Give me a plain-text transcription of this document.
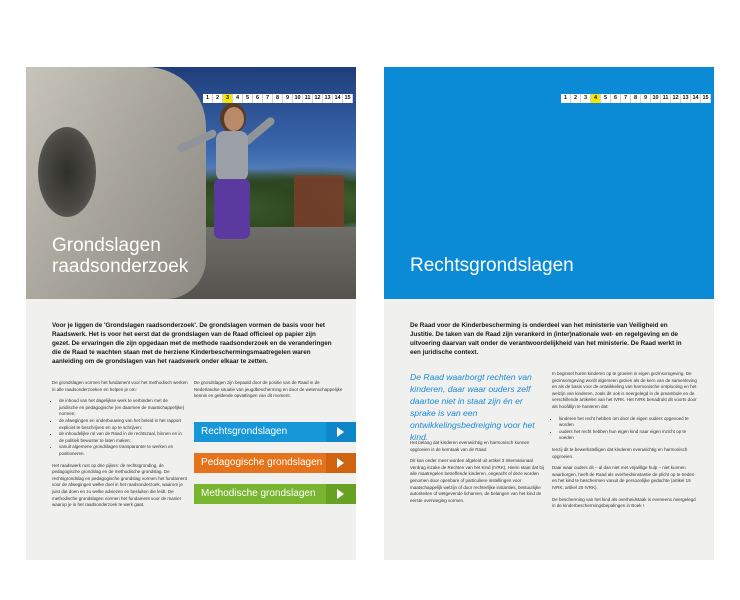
1	2	3	4	5	6	7	8	9 10 11 12 13 14 15
Grondslagen
raadsonderzoek
Voor je liggen de 'Grondslagen raadsonderzoek'. De grondslagen vormen de basis voor het Raadswerk. Het is voor het eerst dat de grondslagen van de Raad officieel op papier zijn gezet. De ervaringen die zijn opgedaan met de methode raadsonderzoek en de veranderingen die de Raad te wachten staan met de herziene Kinderbeschermingsmaatregelen waren aanleiding om de grondslagen van het raadswerk onder elkaar te zetten.

De grondslagen vormen het fundament voor het methodisch werken in alle raadsonderzoeken en helpen je om:

• de inhoud van het dagelijkse werk te verbinden met de juridische en pedagogische (en daarmee de maatschappelijke) normen;
• de afwegingen en onderbouwing van het beleid in het rapport expliciet te beschrijven en op te schrijven;
• de inhoudelijke rol van de Raad in de rechtszaal, binnen en in de politiek bewuster te laten maken;
• vanuit algemene grondslagen transparanter te werken en positioneren.

Het raadswerk rust op drie pijlers: de rechtsgronding, de pedagogische grondslag en de methodische grondslag. De rechtsgrondslag en pedagogische grondslag vormen het fundament voor de afwegingen welke doel in het raadsonderzoek, waarom je juist dat doen en zo welke adviezen en besluiten die leidt. De methodische grondslagen vormen het fundament voor de manier waarop je in het raadsonderzoek te werk gaat.

De grondslagen zijn bepaald door de positie van de Raad in de Nederlandse situatie van jeugdbescherming en door de wetenschappelijke kennis en geldende opvattingen van dit moment.

Rechtsgrondslagen
Pedagogische grondslagen
Methodische grondslagen
1	2	3	4	5	6	7	8	9 10 11 12 13 14 15
Rechtsgrondslagen
De Raad voor de Kinderbescherming is onderdeel van het ministerie van Veiligheid en Justitie. De taken van de Raad zijn verankerd in (inter)nationale wet- en regelgeving en de uitvoering daarvan valt onder de verantwoordelijkheid van het ministerie. De Raad werkt in een juridische context.
De Raad waarborgt rechten van kinderen, daar waar ouders zelf daartoe niet in staat zijn én er sprake is van een ontwikkelingsbedreiging voor het kind.

Het belang dat kinderen evenwichtig en harmonisch kunnen opgroeien is de kerntaak van de Raad.

Dit kan onder meer worden afgeleid uit artikel 3 Internationaal Verdrag inzake de Rechten van het Kind (IVRK). Hierin staat dat bij alle maatregelen betreffende kinderen, ongeacht of deze worden genomen door openbare of particuliere instellingen voor maatschappelijk welzijn of door rechterlijke instanties, bestuurlijke autoriteiten of wetgevende lichamen, de belangen van het kind de eerste overweging vormen.

In beginsel horen kinderen op te groeien in eigen gezinsomgeving. De gezinsomgeving wordt algemeen gezien als de kern van de samenleving en als de basis voor de ontwikkeling van harmonische ontplooiing en het welzijn van kinderen, zoals dit ook is neergelegd in de preambule en de verschillende artikelen van het IVRK. Het IVRK benadrukt dit voorts door als hoofdlijn te hanteren dat:

• kinderen het recht hebben om door de eigen ouders opgevoed te worden
• ouders het recht hebben hun eigen kind naar eigen inzicht op te voeden

tenzij dit te bewerkstelligen dat kinderen evenwichtig en harmonisch opgroeien.

Daar waar ouders dit – al dan niet met vrijwillige hulp – niet kunnen waarborgen, heeft de Raad als overheidsinstantie de plicht op te treden en het kind te beschermen vanuit de persoonlijke gedachte (artikel 19 IVRK; artikel 20 IVRK).

De bescherming van het kind als overheidstaak is eveneens neergelegd in de kinderbeschermingsbepalingen in Boek I
